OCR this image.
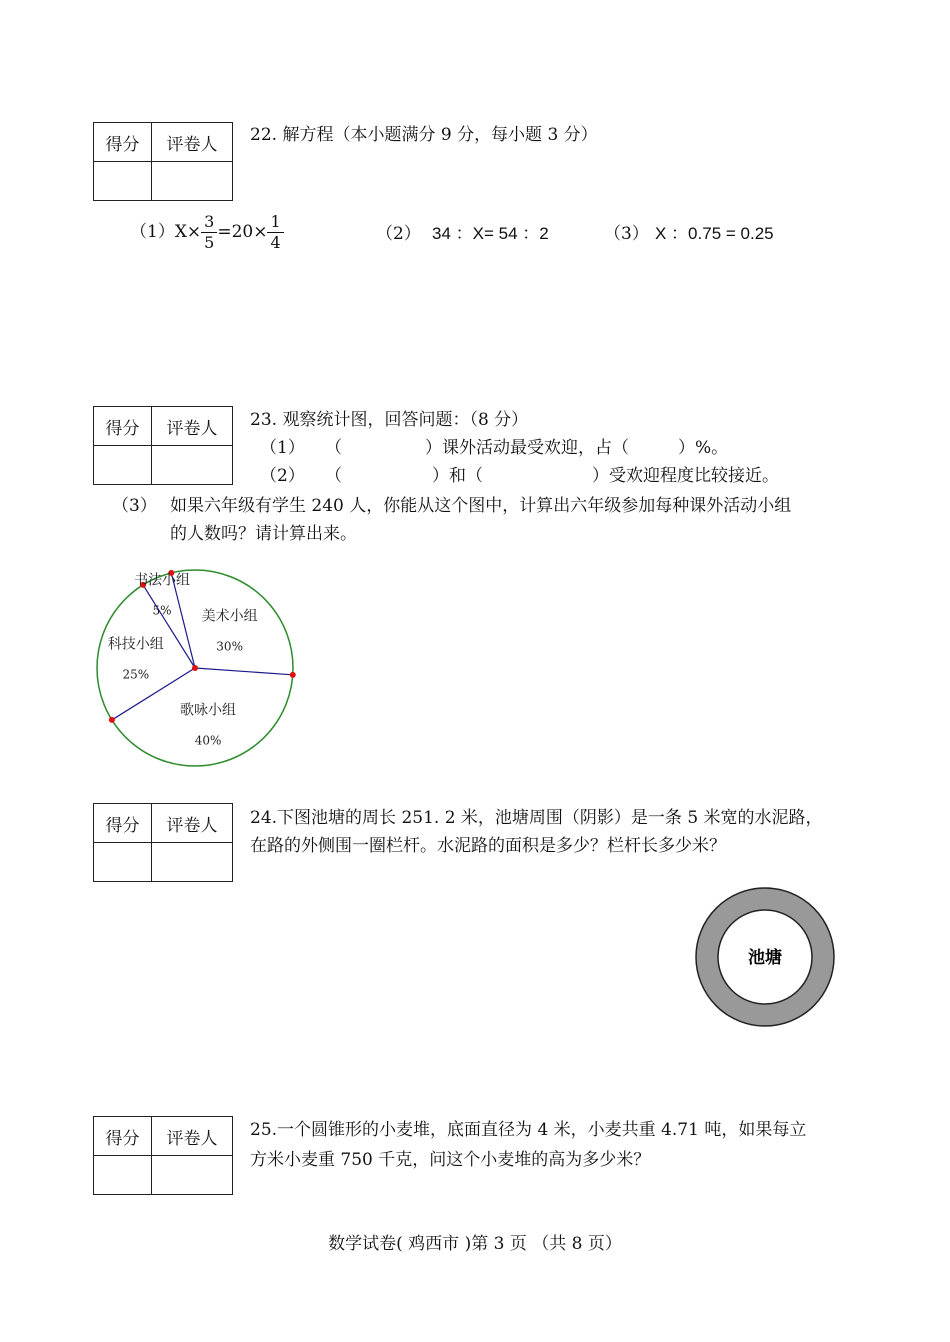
得分	评卷人
	22. 解方程（本小题满分 9 分，每小题 3 分）
$(1)X\times \frac{3}{5} =20\times \frac{1}{4}$	（2） 34 ：X= 54 ：2	（3） X ：0.75 = 0.25
得分	评卷人
	23. 观察统计图，回答问题：（8 分）
（1） （	）课外活动最受欢迎，占（	）%。
（2） （	）和（	）受欢迎程度比较接近。
（3） 如果六年级有学生 240 人，你能从这个图中，计算出六年级参加每种课外活动小组
的人数吗？请计算出来。
书法小组
5% 美术小组
30%
歌咏小组
40%
科技小组
25%
得分	评卷人
	24.下图池塘的周长 251. 2 米，池塘周围（阴影）是一条 5 米宽的水泥路，
在路的外侧围一圈栏杆。水泥路的面积是多少？栏杆长多少米？
池塘
得分	评卷人
	25.一个圆锥形的小麦堆，底面直径为 4 米，小麦共重 4.71 吨，如果每立
方米小麦重 750 千克，问这个小麦堆的高为多少米？
数学试卷( 鸡西市 )第 3 页 （共 8 页）
